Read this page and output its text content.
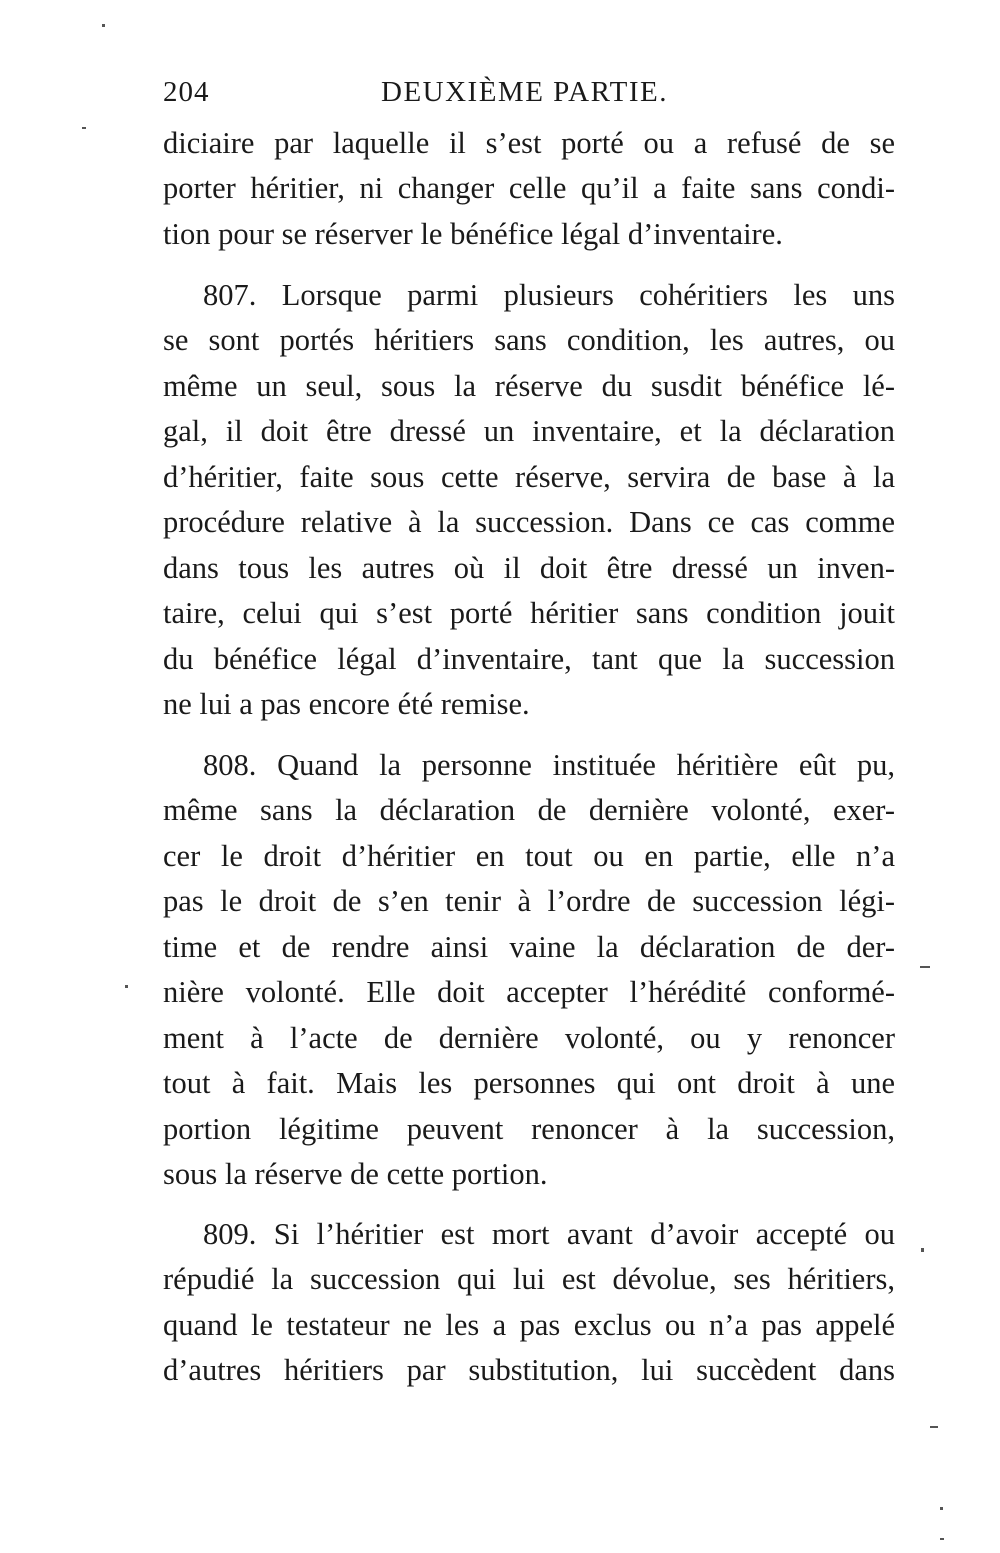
204	DEUXIÈME PARTIE.
diciaire par laquelle il s’est porté ou a refusé de se
porter héritier, ni changer celle qu’il a faite sans condi-
tion pour se réserver le bénéfice légal d’inventaire.
807. Lorsque parmi plusieurs cohéritiers les uns
se sont portés héritiers sans condition, les autres, ou
même un seul, sous la réserve du susdit bénéfice lé-
gal, il doit être dressé un inventaire, et la déclaration
d’héritier, faite sous cette réserve, servira de base à la
procédure relative à la succession. Dans ce cas comme
dans tous les autres où il doit être dressé un inven-
taire, celui qui s’est porté héritier sans condition jouit
du bénéfice légal d’inventaire, tant que la succession
ne lui a pas encore été remise.
808. Quand la personne instituée héritière eût pu,
même sans la déclaration de dernière volonté, exer-
cer le droit d’héritier en tout ou en partie, elle n’a
pas le droit de s’en tenir à l’ordre de succession légi-
time et de rendre ainsi vaine la déclaration de der-
nière volonté. Elle doit accepter l’hérédité conformé-
ment à l’acte de dernière volonté, ou y renoncer
tout à fait. Mais les personnes qui ont droit à une
portion légitime peuvent renoncer à la succession,
sous la réserve de cette portion.
809. Si l’héritier est mort avant d’avoir accepté ou
répudié la succession qui lui est dévolue, ses héritiers,
quand le testateur ne les a pas exclus ou n’a pas appelé
d’autres héritiers par substitution, lui succèdent dans
